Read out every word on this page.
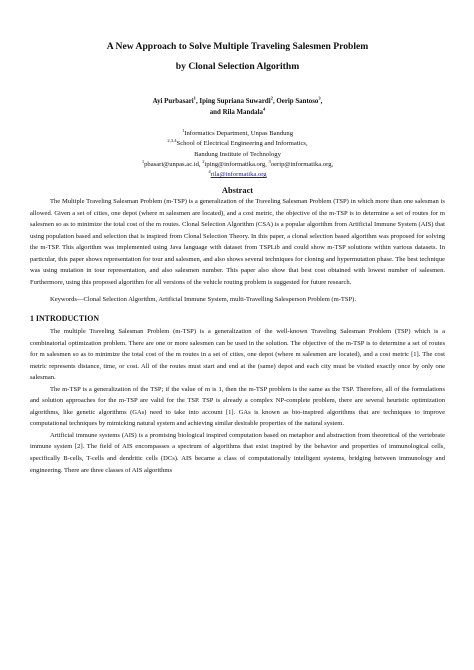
A New Approach to Solve Multiple Traveling Salesmen Problem
by Clonal Selection Algorithm
Ayi Purbasari$^1$, Iping Supriana Suwardi$^2$, Oerip Santoso$^3$,
and Rila Mandala$^4$
$^1$Informatics Department, Unpas Bandung
$^{2,3,4}$School of Electrical Engineering and Informatics,
Bandung Institute of Technology
$^1$pbasari@unpas.ac.id, $^2$iping@informatika.org, $^3$oerip@informatika.org,
$^4$rila@informatika.org
Abstract

The Multiple Traveling Salesman Problem (m-TSP) is a generalization of the Traveling Salesman Problem (TSP) in which more than one salesman is allowed. Given a set of cities, one depot (where m salesmen are located), and a cost metric, the objective of the m-TSP is to determine a set of routes for m salesmen so as to minimize the total cost of the m routes. Clonal Selection Algorithm (CSA) is a popular algorithm from Artificial Immune System (AIS) that using population based and selection that is inspired from Clonal Selection Theory. In this paper, a clonal selection based algorithm was proposed for solving the m-TSP. This algorithm was implemented using Java language with dataset from TSPLib and could show m-TSP solutions within various datasets. In particular, this paper shows representation for tour and salesmen, and also shows several techniques for cloning and hypermutation phase. The best technique was using mutation in tour representation, and also salesmen number. This paper also show that best cost obtained with lowest number of salesmen. Furthermore, using this proposed algorithm for all versions of the vehicle routing problem is suggested for future research.

Keywords—Clonal Selection Algorithm, Artificial Immune System, multi-Travelling Salesperson Problem (m-TSP).

1 INTRODUCTION

The multiple Traveling Salesman Problem (m-TSP) is a generalization of the well-known Traveling Salesman Problem (TSP) which is a combinatorial optimization problem. There are one or more salesmen can be used in the solution. The objective of the m-TSP is to determine a set of routes for m salesmen so as to minimize the total cost of the m routes in a set of cities, one depot (where m salesmen are located), and a cost metric [1]. The cost metric represents distance, time, or cost. All of the routes must start and end at the (same) depot and each city must be visited exactly once by only one salesman.

The m-TSP is a generalization of the TSP; if the value of m is 1, then the m-TSP problem is the same as the TSP. Therefore, all of the formulations and solution approaches for the m-TSP are valid for the TSP. TSP is already a complex NP-complete problem, there are several heuristic optimization algorithms, like genetic algorithms (GAs) need to take into account [1]. GAs is known as bio-inspired algorithms that are techniques to improve computational techniques by mimicking natural system and achieving similar desirable properties of the natural system.

Artificial immune systems (AIS) is a promising biological inspired computation based on metaphor and abstraction from theoretical of the vertebrate immune system [2]. The field of AIS encompasses a spectrum of algorithms that exist inspired by the behavior and properties of immunological cells, specifically B-cells, T-cells and dendritic cells (DCs). AIS became a class of computationally intelligent systems, bridging between immunology and engineering. There are three classes of AIS algorithms
